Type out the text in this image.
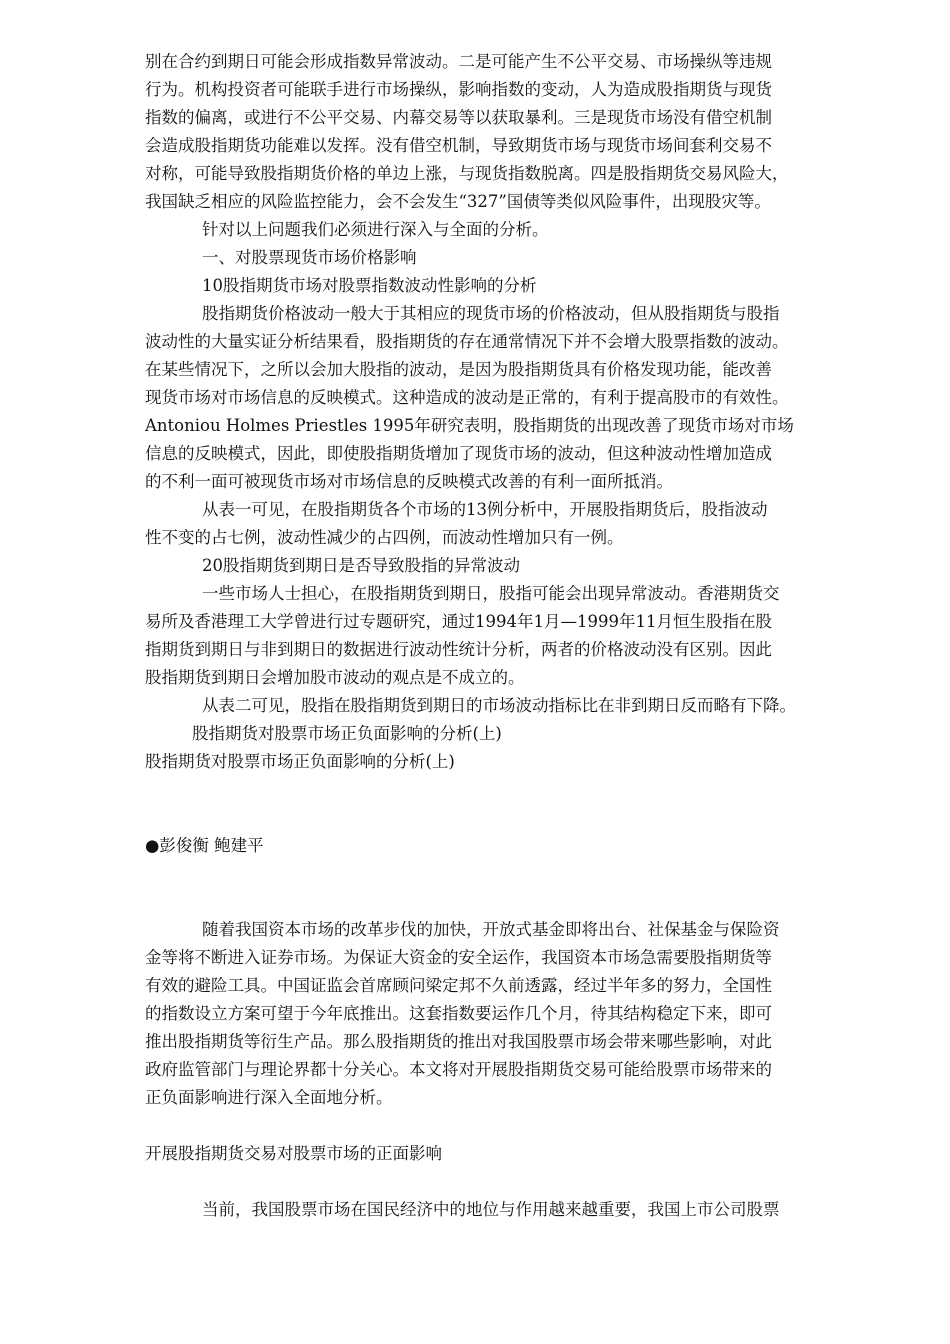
别在合约到期日可能会形成指数异常波动。二是可能产生不公平交易、市场操纵等违规
行为。机构投资者可能联手进行市场操纵，影响指数的变动，人为造成股指期货与现货
指数的偏离，或进行不公平交易、内幕交易等以获取暴利。三是现货市场没有借空机制
会造成股指期货功能难以发挥。没有借空机制，导致期货市场与现货市场间套利交易不
对称，可能导致股指期货价格的单边上涨，与现货指数脱离。四是股指期货交易风险大，
我国缺乏相应的风险监控能力，会不会发生“327”国债等类似风险事件，出现股灾等。
针对以上问题我们必须进行深入与全面的分析。
一、对股票现货市场价格影响
10股指期货市场对股票指数波动性影响的分析
股指期货价格波动一般大于其相应的现货市场的价格波动，但从股指期货与股指
波动性的大量实证分析结果看，股指期货的存在通常情况下并不会增大股票指数的波动。
在某些情况下，之所以会加大股指的波动，是因为股指期货具有价格发现功能，能改善
现货市场对市场信息的反映模式。这种造成的波动是正常的，有利于提高股市的有效性。
Antoniou Holmes Priestles 1995年研究表明，股指期货的出现改善了现货市场对市场
信息的反映模式，因此，即使股指期货增加了现货市场的波动，但这种波动性增加造成
的不利一面可被现货市场对市场信息的反映模式改善的有利一面所抵消。
从表一可见，在股指期货各个市场的13例分析中，开展股指期货后，股指波动
性不变的占七例，波动性减少的占四例，而波动性增加只有一例。
20股指期货到期日是否导致股指的异常波动
一些市场人士担心，在股指期货到期日，股指可能会出现异常波动。香港期货交
易所及香港理工大学曾进行过专题研究，通过1994年1月—1999年11月恒生股指在股
指期货到期日与非到期日的数据进行波动性统计分析，两者的价格波动没有区别。因此
股指期货到期日会增加股市波动的观点是不成立的。
从表二可见，股指在股指期货到期日的市场波动指标比在非到期日反而略有下降。
股指期货对股票市场正负面影响的分析(上)
股指期货对股票市场正负面影响的分析(上)
●彭俊衡 鲍建平
随着我国资本市场的改革步伐的加快，开放式基金即将出台、社保基金与保险资
金等将不断进入证券市场。为保证大资金的安全运作，我国资本市场急需要股指期货等
有效的避险工具。中国证监会首席顾问梁定邦不久前透露，经过半年多的努力，全国性
的指数设立方案可望于今年底推出。这套指数要运作几个月，待其结构稳定下来，即可
推出股指期货等衍生产品。那么股指期货的推出对我国股票市场会带来哪些影响，对此
政府监管部门与理论界都十分关心。本文将对开展股指期货交易可能给股票市场带来的
正负面影响进行深入全面地分析。
开展股指期货交易对股票市场的正面影响
当前，我国股票市场在国民经济中的地位与作用越来越重要，我国上市公司股票
